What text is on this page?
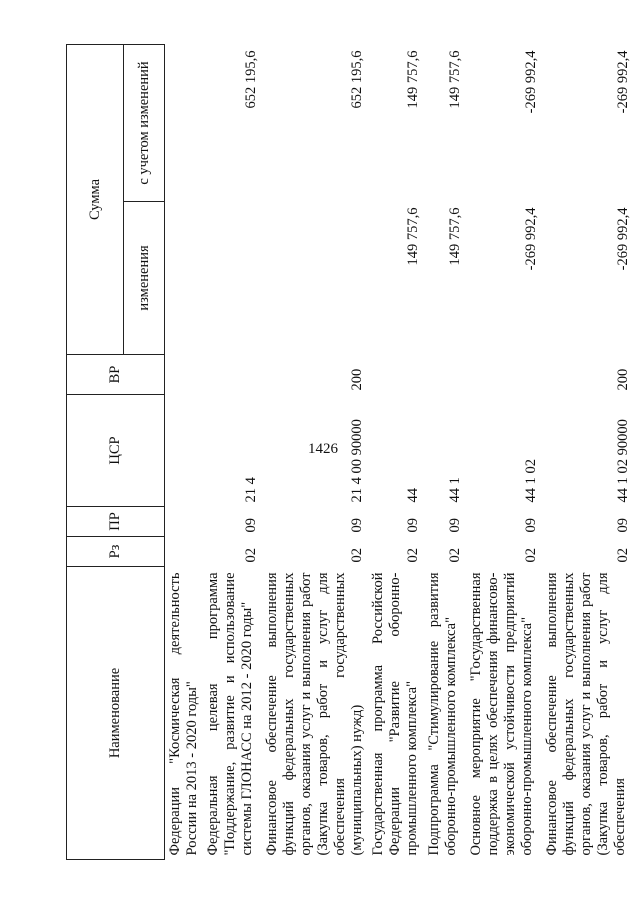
1426
Наименование	Рз	ПР	ЦСР	ВР	Сумма	
					изменения	с учетом изменений
Федерации "Космическая деятельность России на 2013 - 2020 годы"						
Федеральная целевая программа "Поддержание, развитие и использование системы ГЛОНАСС на 2012 - 2020 годы"	02	09	21 4			652 195,6
Финансовое обеспечение выполнения функций федеральных государственных органов, оказания услуг и выполнения работ (Закупка товаров, работ и услуг для обеспечения государственных (муниципальных) нужд)	02	09	21 4 00 90000	200		652 195,6
Государственная программа Российской Федерации "Развитие оборонно-промышленного комплекса"	02	09	44		149 757,6	149 757,6
Подпрограмма "Стимулирование развития оборонно-промышленного комплекса"	02	09	44 1		149 757,6	149 757,6
Основное мероприятие "Государственная поддержка в целях обеспечения финансово-экономической устойчивости предприятий оборонно-промышленного комплекса"	02	09	44 1 02		-269 992,4	-269 992,4
Финансовое обеспечение выполнения функций федеральных государственных органов, оказания услуг и выполнения работ (Закупка товаров, работ и услуг для обеспечения	02	09	44 1 02 90000	200	-269 992,4	-269 992,4
